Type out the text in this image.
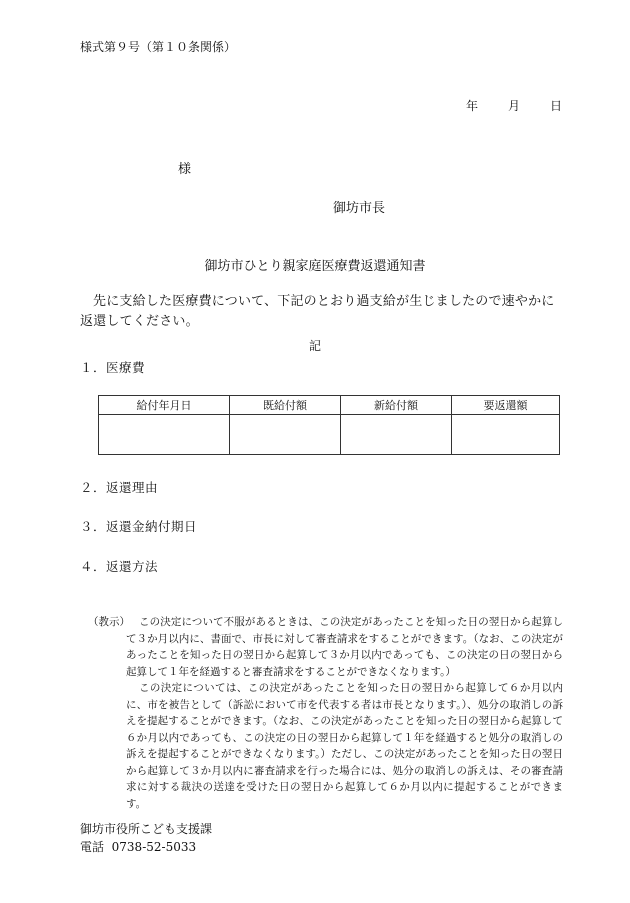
様式第９号（第１０条関係）
年	月	日
様
御坊市長
御坊市ひとり親家庭医療費返還通知書
先に支給した医療費について、下記のとおり過支給が生じましたので速やかに返還してください。
記
１．医療費
給付年月日	既給付額	新給付額	要返還額

２．返還理由
３．返還金納付期日
４．返還方法
（教示） この決定について不服があるときは、この決定があったことを知った日の翌日から起算して３か月以内に、書面で、市長に対して審査請求をすることができます。（なお、この決定があったことを知った日の翌日から起算して３か月以内であっても、この決定の日の翌日から起算して１年を経過すると審査請求をすることができなくなります。）

この決定については、この決定があったことを知った日の翌日から起算して６か月以内に、市を被告として（訴訟において市を代表する者は市長となります。）、処分の取消しの訴えを提起することができます。（なお、この決定があったことを知った日の翌日から起算して６か月以内であっても、この決定の日の翌日から起算して１年を経過すると処分の取消しの訴えを提起することができなくなります。）ただし、この決定があったことを知った日の翌日から起算して３か月以内に審査請求を行った場合には、処分の取消しの訴えは、その審査請求に対する裁決の送達を受けた日の翌日から起算して６か月以内に提起することができます。

御坊市役所こども支援課
電話 0738-52-5033
